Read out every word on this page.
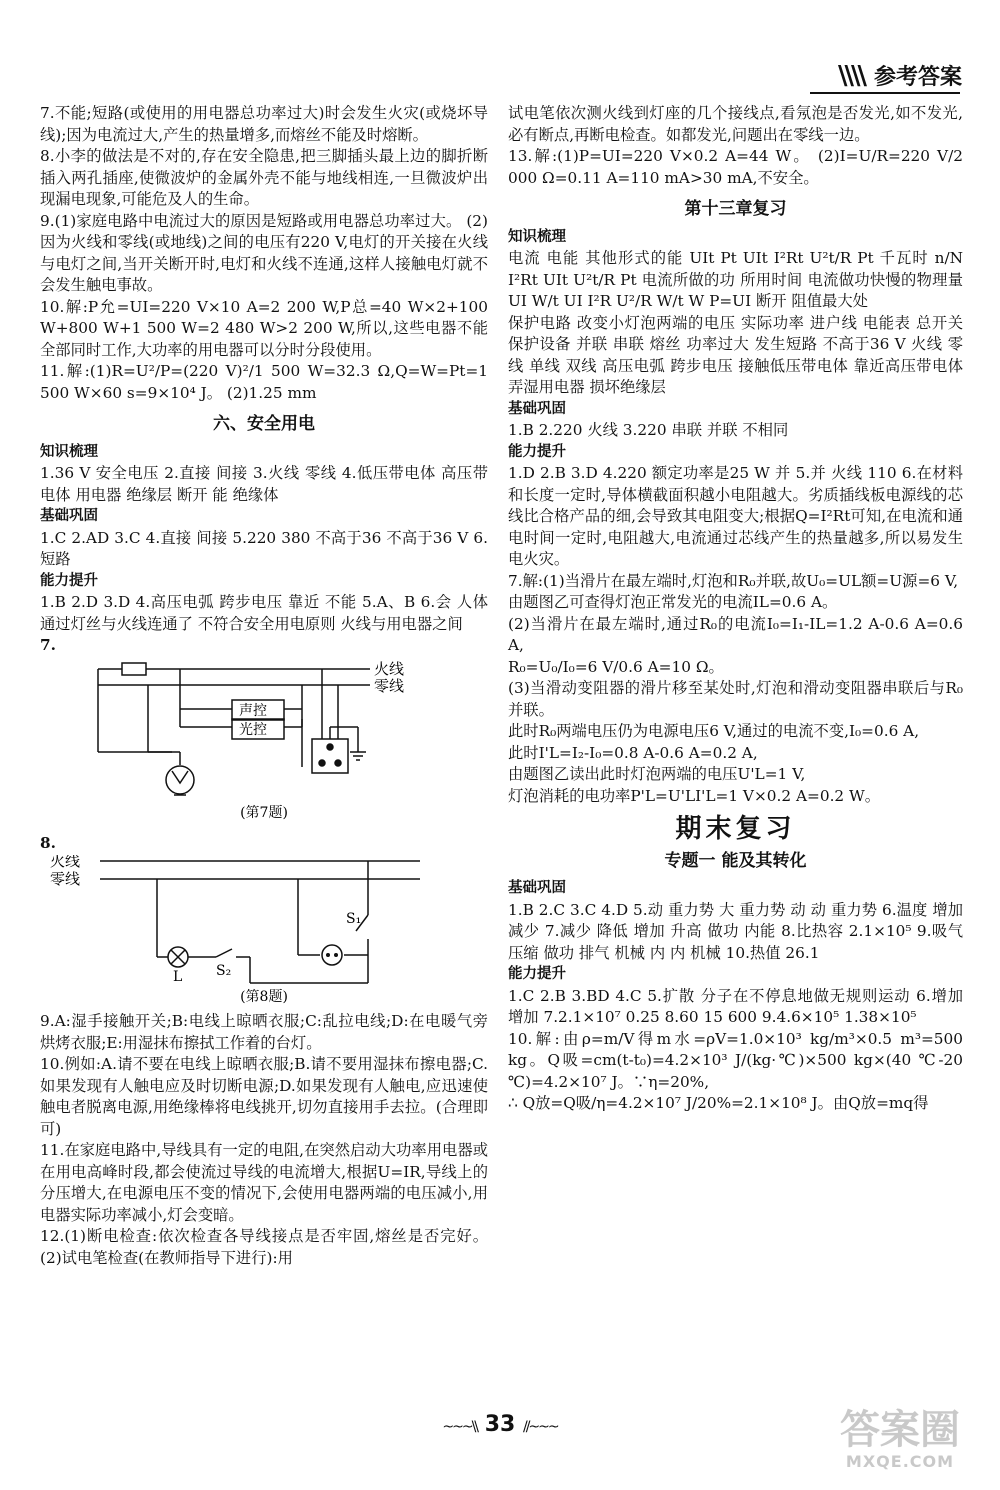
\\\\ 参考答案

7.不能;短路(或使用的用电器总功率过大)时会发生火灾(或烧坏导线);因为电流过大,产生的热量增多,而熔丝不能及时熔断。

8.小李的做法是不对的,存在安全隐患,把三脚插头最上边的脚折断插入两孔插座,使微波炉的金属外壳不能与地线相连,一旦微波炉出现漏电现象,可能危及人的生命。

9.(1)家庭电路中电流过大的原因是短路或用电器总功率过大。 (2)因为火线和零线(或地线)之间的电压有220 V,电灯的开关接在火线与电灯之间,当开关断开时,电灯和火线不连通,这样人接触电灯就不会发生触电事故。

10.解:P允=UI=220 V×10 A=2 200 W,P总=40 W×2+100 W+800 W+1 500 W=2 480 W>2 200 W,所以,这些电器不能全部同时工作,大功率的用电器可以分时分段使用。

11.解:(1)R=U²/P=(220 V)²/1 500 W=32.3 Ω,Q=W=Pt=1 500 W×60 s=9×10⁴ J。 (2)1.25 mm

六、安全用电

知识梳理

1.36 V 安全电压 2.直接 间接 3.火线 零线 4.低压带电体 高压带电体 用电器 绝缘层 断开 能 绝缘体

基础巩固

1.C 2.AD 3.C 4.直接 间接 5.220 380 不高于36 不高于36 V 6.短路

能力提升

1.B 2.D 3.D 4.高压电弧 跨步电压 靠近 不能 5.A、B 6.会 人体通过灯丝与火线连通了 不符合安全用电原则 火线与用电器之间

7.

火线
零线
声控
光控
(第7题)

8.

火线
零线
L S₂
S₁
(第8题)

9.A:湿手接触开关;B:电线上晾晒衣服;C:乱拉电线;D:在电暖气旁烘烤衣服;E:用湿抹布擦拭工作着的台灯。

10.例如:A.请不要在电线上晾晒衣服;B.请不要用湿抹布擦电器;C.如果发现有人触电应及时切断电源;D.如果发现有人触电,应迅速使触电者脱离电源,用绝缘棒将电线挑开,切勿直接用手去拉。(合理即可)

11.在家庭电路中,导线具有一定的电阻,在突然启动大功率用电器或在用电高峰时段,都会使流过导线的电流增大,根据U=IR,导线上的分压增大,在电源电压不变的情况下,会使用电器两端的电压减小,用电器实际功率减小,灯会变暗。

12.(1)断电检查:依次检查各导线接点是否牢固,熔丝是否完好。 (2)试电笔检查(在教师指导下进行):用

试电笔依次测火线到灯座的几个接线点,看氖泡是否发光,如不发光,必有断点,再断电检查。如都发光,问题出在零线一边。

13.解:(1)P=UI=220 V×0.2 A=44 W。 (2)I=U/R=220 V/2 000 Ω=0.11 A=110 mA>30 mA,不安全。

第十三章复习

知识梳理

电流 电能 其他形式的能 UIt Pt UIt I²Rt U²t/R Pt 千瓦时 n/N I²Rt UIt U²t/R Pt 电流所做的功 所用时间 电流做功快慢的物理量 UI W/t UI I²R U²/R W/t W P=UI 断开 阻值最大处

保护电路 改变小灯泡两端的电压 实际功率 进户线 电能表 总开关 保护设备 并联 串联 熔丝 功率过大 发生短路 不高于36 V 火线 零线 单线 双线 高压电弧 跨步电压 接触低压带电体 靠近高压带电体 弄湿用电器 损坏绝缘层

基础巩固

1.B 2.220 火线 3.220 串联 并联 不相同

能力提升

1.D 2.B 3.D 4.220 额定功率是25 W 并 5.并 火线 110 6.在材料和长度一定时,导体横截面积越小电阻越大。劣质插线板电源线的芯线比合格产品的细,会导致其电阻变大;根据Q=I²Rt可知,在电流和通电时间一定时,电阻越大,电流通过芯线产生的热量越多,所以易发生电火灾。

7.解:(1)当滑片在最左端时,灯泡和R₀并联,故U₀=UL额=U源=6 V,

由题图乙可查得灯泡正常发光的电流IL=0.6 A。

(2)当滑片在最左端时,通过R₀的电流I₀=I₁-IL=1.2 A-0.6 A=0.6 A,

R₀=U₀/I₀=6 V/0.6 A=10 Ω。

(3)当滑动变阻器的滑片移至某处时,灯泡和滑动变阻器串联后与R₀并联。

此时R₀两端电压仍为电源电压6 V,通过的电流不变,I₀=0.6 A,

此时I'L=I₂-I₀=0.8 A-0.6 A=0.2 A,

由题图乙读出此时灯泡两端的电压U'L=1 V,

灯泡消耗的电功率P'L=U'LI'L=1 V×0.2 A=0.2 W。

期末复习

专题一 能及其转化

基础巩固

1.B 2.C 3.C 4.D 5.动 重力势 大 重力势 动 动 重力势 6.温度 增加 减少 7.减少 降低 增加 升高 做功 内能 8.比热容 2.1×10⁵ 9.吸气 压缩 做功 排气 机械 内 内 机械 10.热值 26.1

能力提升

1.C 2.B 3.BD 4.C 5.扩散 分子在不停息地做无规则运动 6.增加 增加 7.2.1×10⁷ 0.25 8.60 15 600 9.4.6×10⁵ 1.38×10⁵

10.解:由ρ=m/V得m水=ρV=1.0×10³ kg/m³×0.5 m³=500 kg。Q吸=cm(t-t₀)=4.2×10³ J/(kg·℃)×500 kg×(40 ℃-20 ℃)=4.2×10⁷ J。∵η=20%,

∴ Q放=Q吸/η=4.2×10⁷ J/20%=2.1×10⁸ J。由Q放=mq得

~~~\\ 33 //~~~	答案圈
MXQE.COM
